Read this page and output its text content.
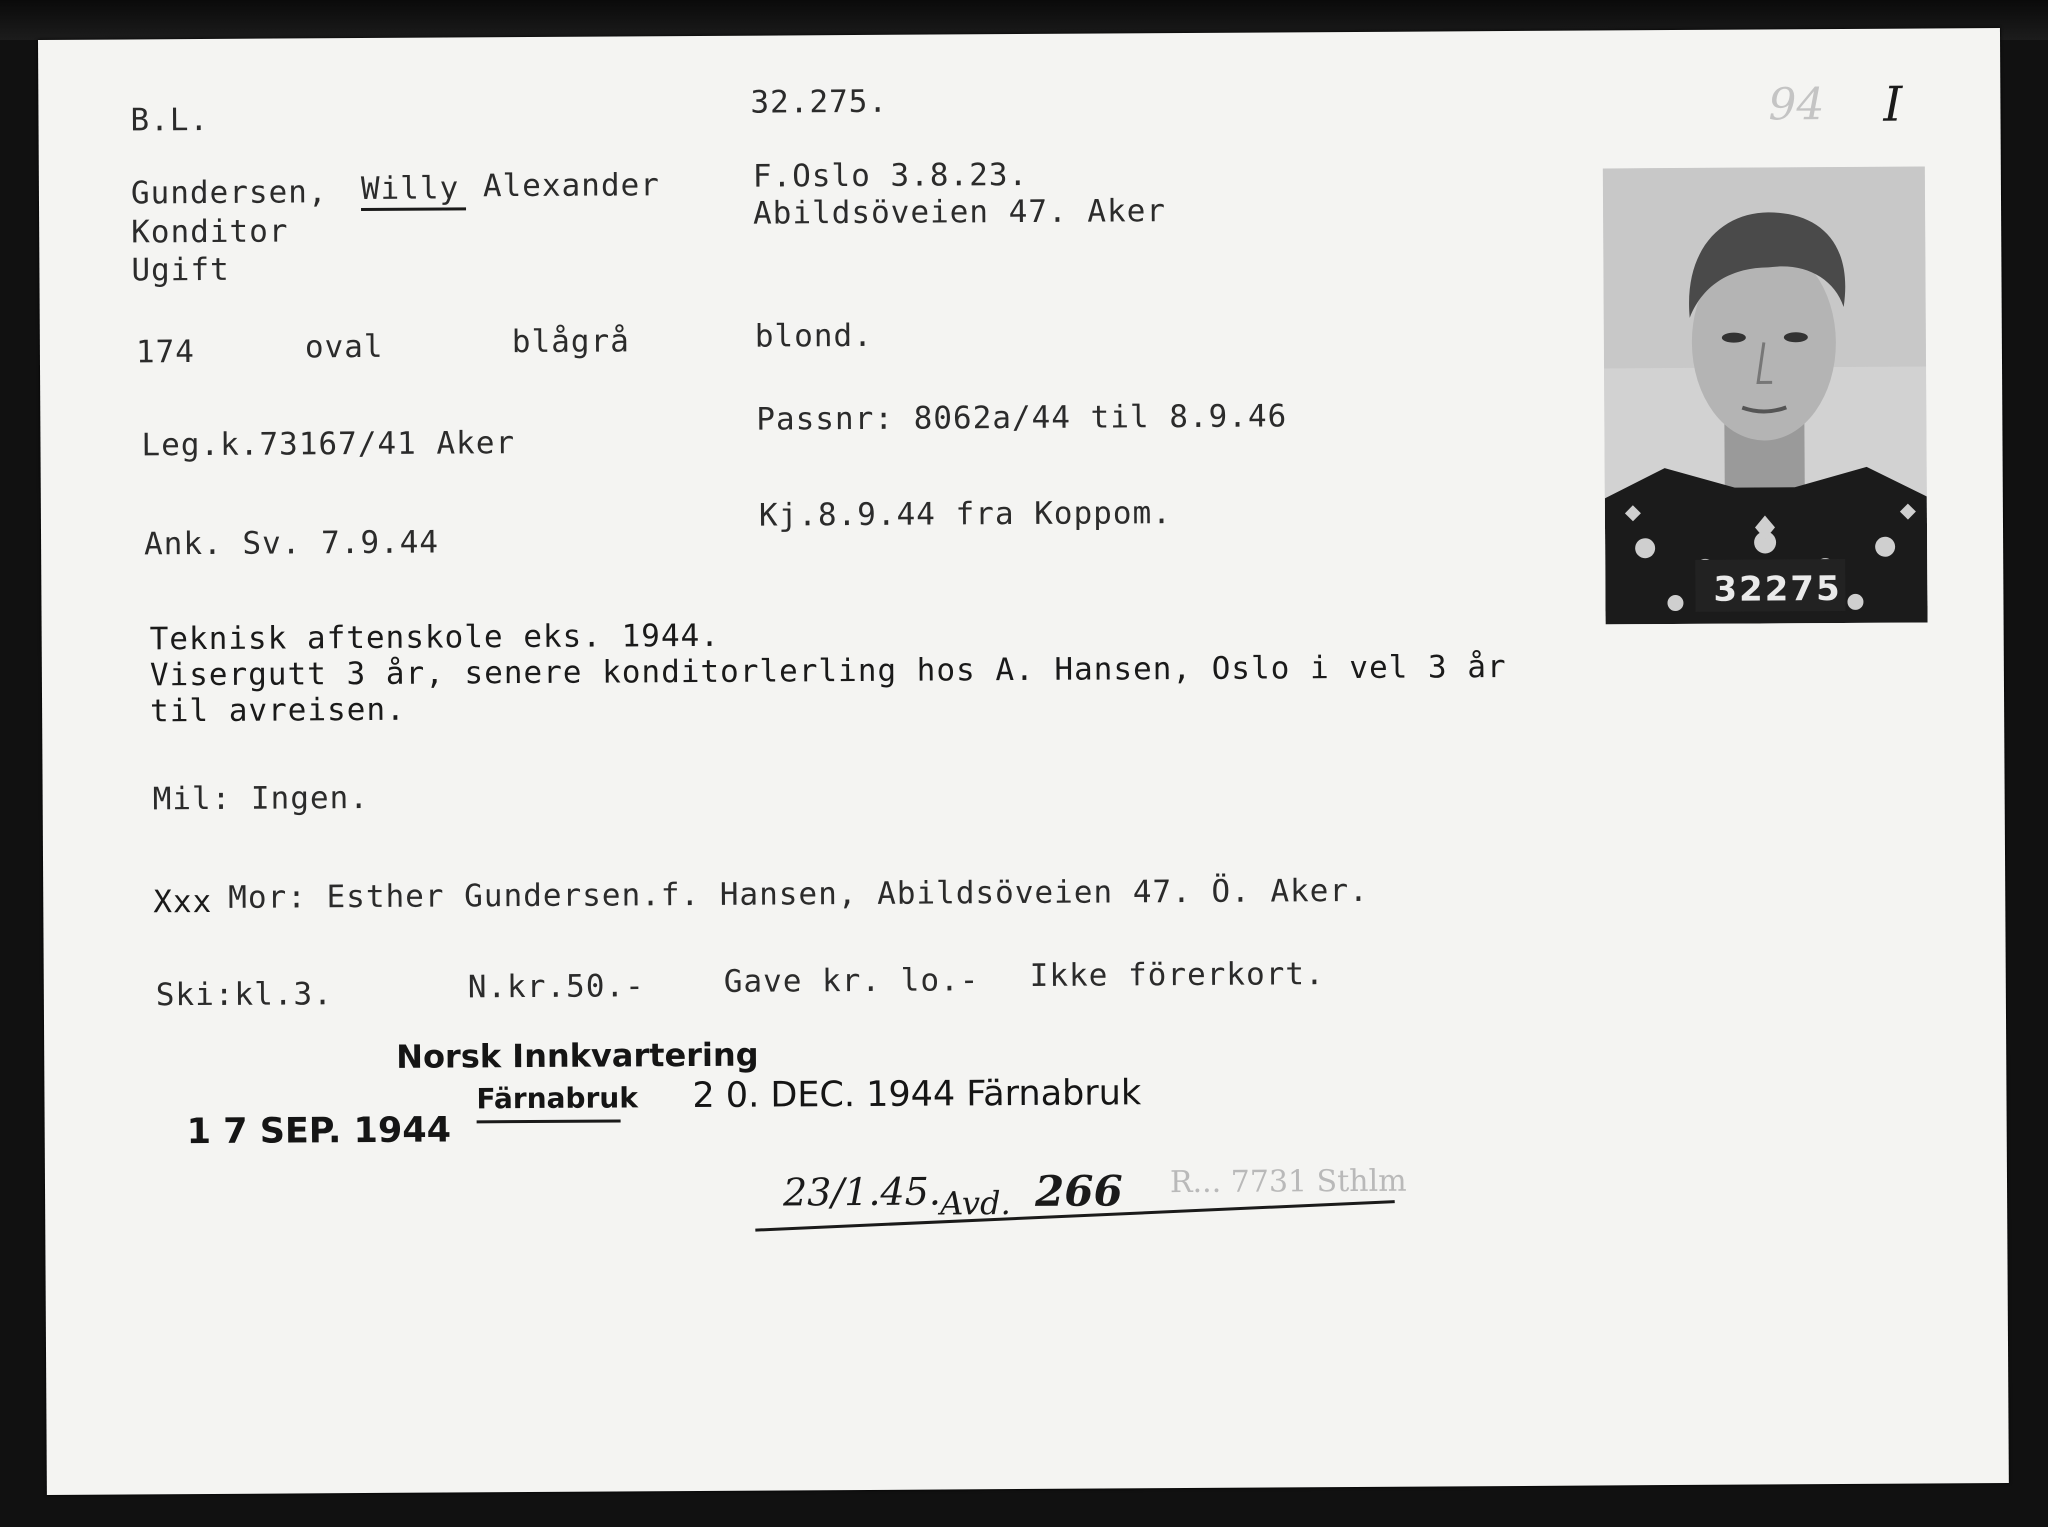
B.L.	32.275.	94 I
Gundersen, Willy Alexander	F.Oslo 3.8.23.
Abildsöveien 47. Aker
Konditor
Ugift
174	oval	blågrå	blond.
Leg.k.73167/41 Aker
Passnr: 8062a/44 til 8.9.46
Ank. Sv. 7.9.44
Kj.8.9.44 fra Koppom.
Teknisk aftenskole eks. 1944.
Visergutt 3 år, senere konditorlerling hos A. Hansen, Oslo i vel 3 år
til avreisen.
Mil: Ingen.
Xxx Mor: Esther Gundersen.f. Hansen, Abildsöveien 47. Ö. Aker.
Ski:kl.3.	N.kr.50.-	Gave kr. lo.- Ikke förerkort.
Norsk Innkvartering
Färnabruk
1 7 SEP. 1944
2 0. DEC. 1944 Färnabruk
23/1.45.
Avd. 266 R... 7731 Sthlm
32275
